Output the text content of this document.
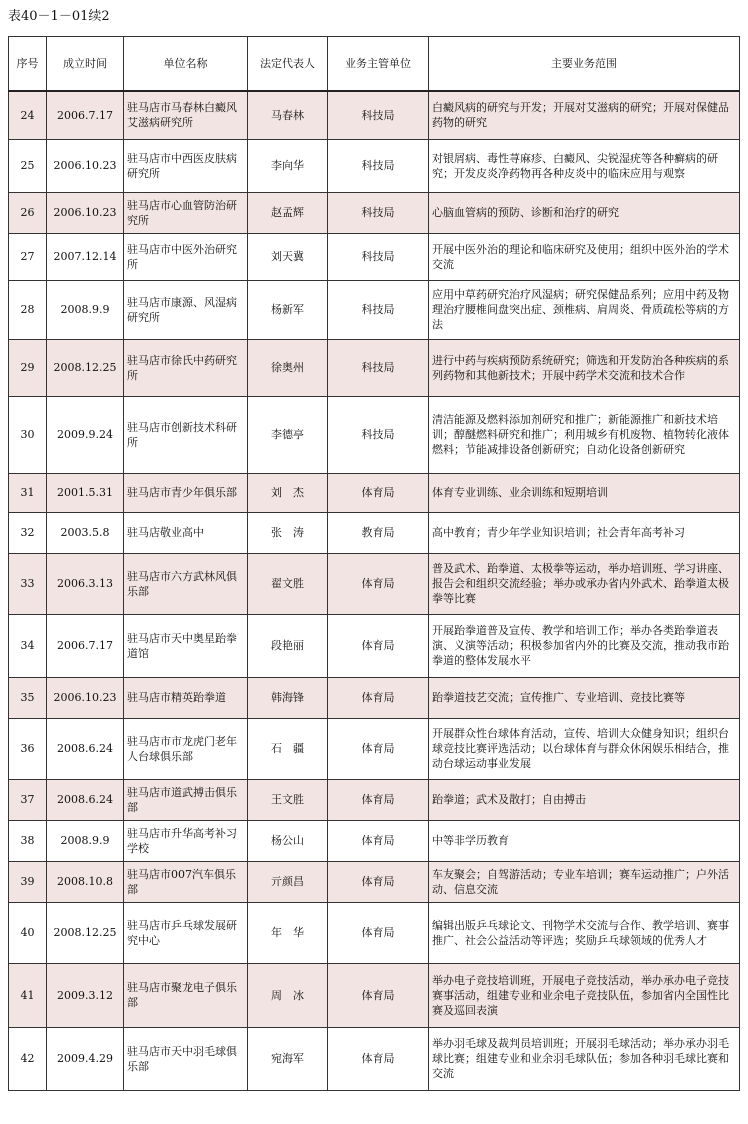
表40－1－01续2
序号	成立时间	单位名称	法定代表人	业务主管单位	主要业务范围
24	2006.7.17	驻马店市马春林白癜风艾滋病研究所	马春林	科技局	白癜风病的研究与开发；开展对艾滋病的研究；开展对保健品药物的研究
25	2006.10.23	驻马店市中西医皮肤病研究所	李向华	科技局	对银屑病、毒性荨麻疹、白癜风、尖锐湿疣等各种癣病的研究；开发皮炎净药物再各种皮炎中的临床应用与观察
26	2006.10.23	驻马店市心血管防治研究所	赵孟辉	科技局	心脑血管病的预防、诊断和治疗的研究
27	2007.12.14	驻马店市中医外治研究所	刘天冀	科技局	开展中医外治的理论和临床研究及使用；组织中医外治的学术交流
28	2008.9.9	驻马店市康源、风湿病研究所	杨新军	科技局	应用中草药研究治疗风湿病；研究保健品系列；应用中药及物理治疗腰椎间盘突出症、颈椎病、肩周炎、骨质疏松等病的方法
29	2008.12.25	驻马店市徐氏中药研究所	徐奥州	科技局	进行中药与疾病预防系统研究；筛选和开发防治各种疾病的系列药物和其他新技术；开展中药学术交流和技术合作
30	2009.9.24	驻马店市创新技术科研所	李德亭	科技局	清洁能源及燃料添加剂研究和推广；新能源推广和新技术培训；醇醚燃料研究和推广；利用城乡有机废物、植物转化液体燃料；节能减排设备创新研究；自动化设备创新研究
31	2001.5.31	驻马店市青少年俱乐部	刘　杰	体育局	体育专业训练、业余训练和短期培训
32	2003.5.8	驻马店敬业高中	张　涛	教育局	高中教育；青少年学业知识培训；社会青年高考补习
33	2006.3.13	驻马店市六方武林风俱乐部	翟文胜	体育局	普及武术、跆拳道、太极拳等运动，举办培训班、学习讲座、报告会和组织交流经验；举办或承办省内外武术、跆拳道太极拳等比赛
34	2006.7.17	驻马店市天中奥星跆拳道馆	段艳丽	体育局	开展跆拳道普及宣传、教学和培训工作；举办各类跆拳道表演、义演等活动；积极参加省内外的比赛及交流，推动我市跆拳道的整体发展水平
35	2006.10.23	驻马店市精英跆拳道	韩海锋	体育局	跆拳道技艺交流；宣传推广、专业培训、竞技比赛等
36	2008.6.24	驻马店市市龙虎门老年人台球俱乐部	石　疆	体育局	开展群众性台球体育活动，宣传、培训大众健身知识；组织台球竞技比赛评选活动；以台球体育与群众休闲娱乐相结合，推动台球运动事业发展
37	2008.6.24	驻马店市道武搏击俱乐部	王文胜	体育局	跆拳道；武术及散打；自由搏击
38	2008.9.9	驻马店市升华高考补习学校	杨公山	体育局	中等非学历教育
39	2008.10.8	驻马店市007汽车俱乐部	亓颜昌	体育局	车友聚会；自驾游活动；专业车培训；赛车运动推广；户外活动、信息交流
40	2008.12.25	驻马店市乒乓球发展研究中心	年　华	体育局	编辑出版乒乓球论文、刊物学术交流与合作、教学培训、赛事推广、社会公益活动等评选；奖励乒乓球领域的优秀人才
41	2009.3.12	驻马店市聚龙电子俱乐部	周　冰	体育局	举办电子竞技培训班，开展电子竞技活动，举办承办电子竞技赛事活动，组建专业和业余电子竞技队伍，参加省内全国性比赛及巡回表演
42	2009.4.29	驻马店市天中羽毛球俱乐部	宛海军	体育局	举办羽毛球及裁判员培训班；开展羽毛球活动；举办承办羽毛球比赛；组建专业和业余羽毛球队伍；参加各种羽毛球比赛和交流
